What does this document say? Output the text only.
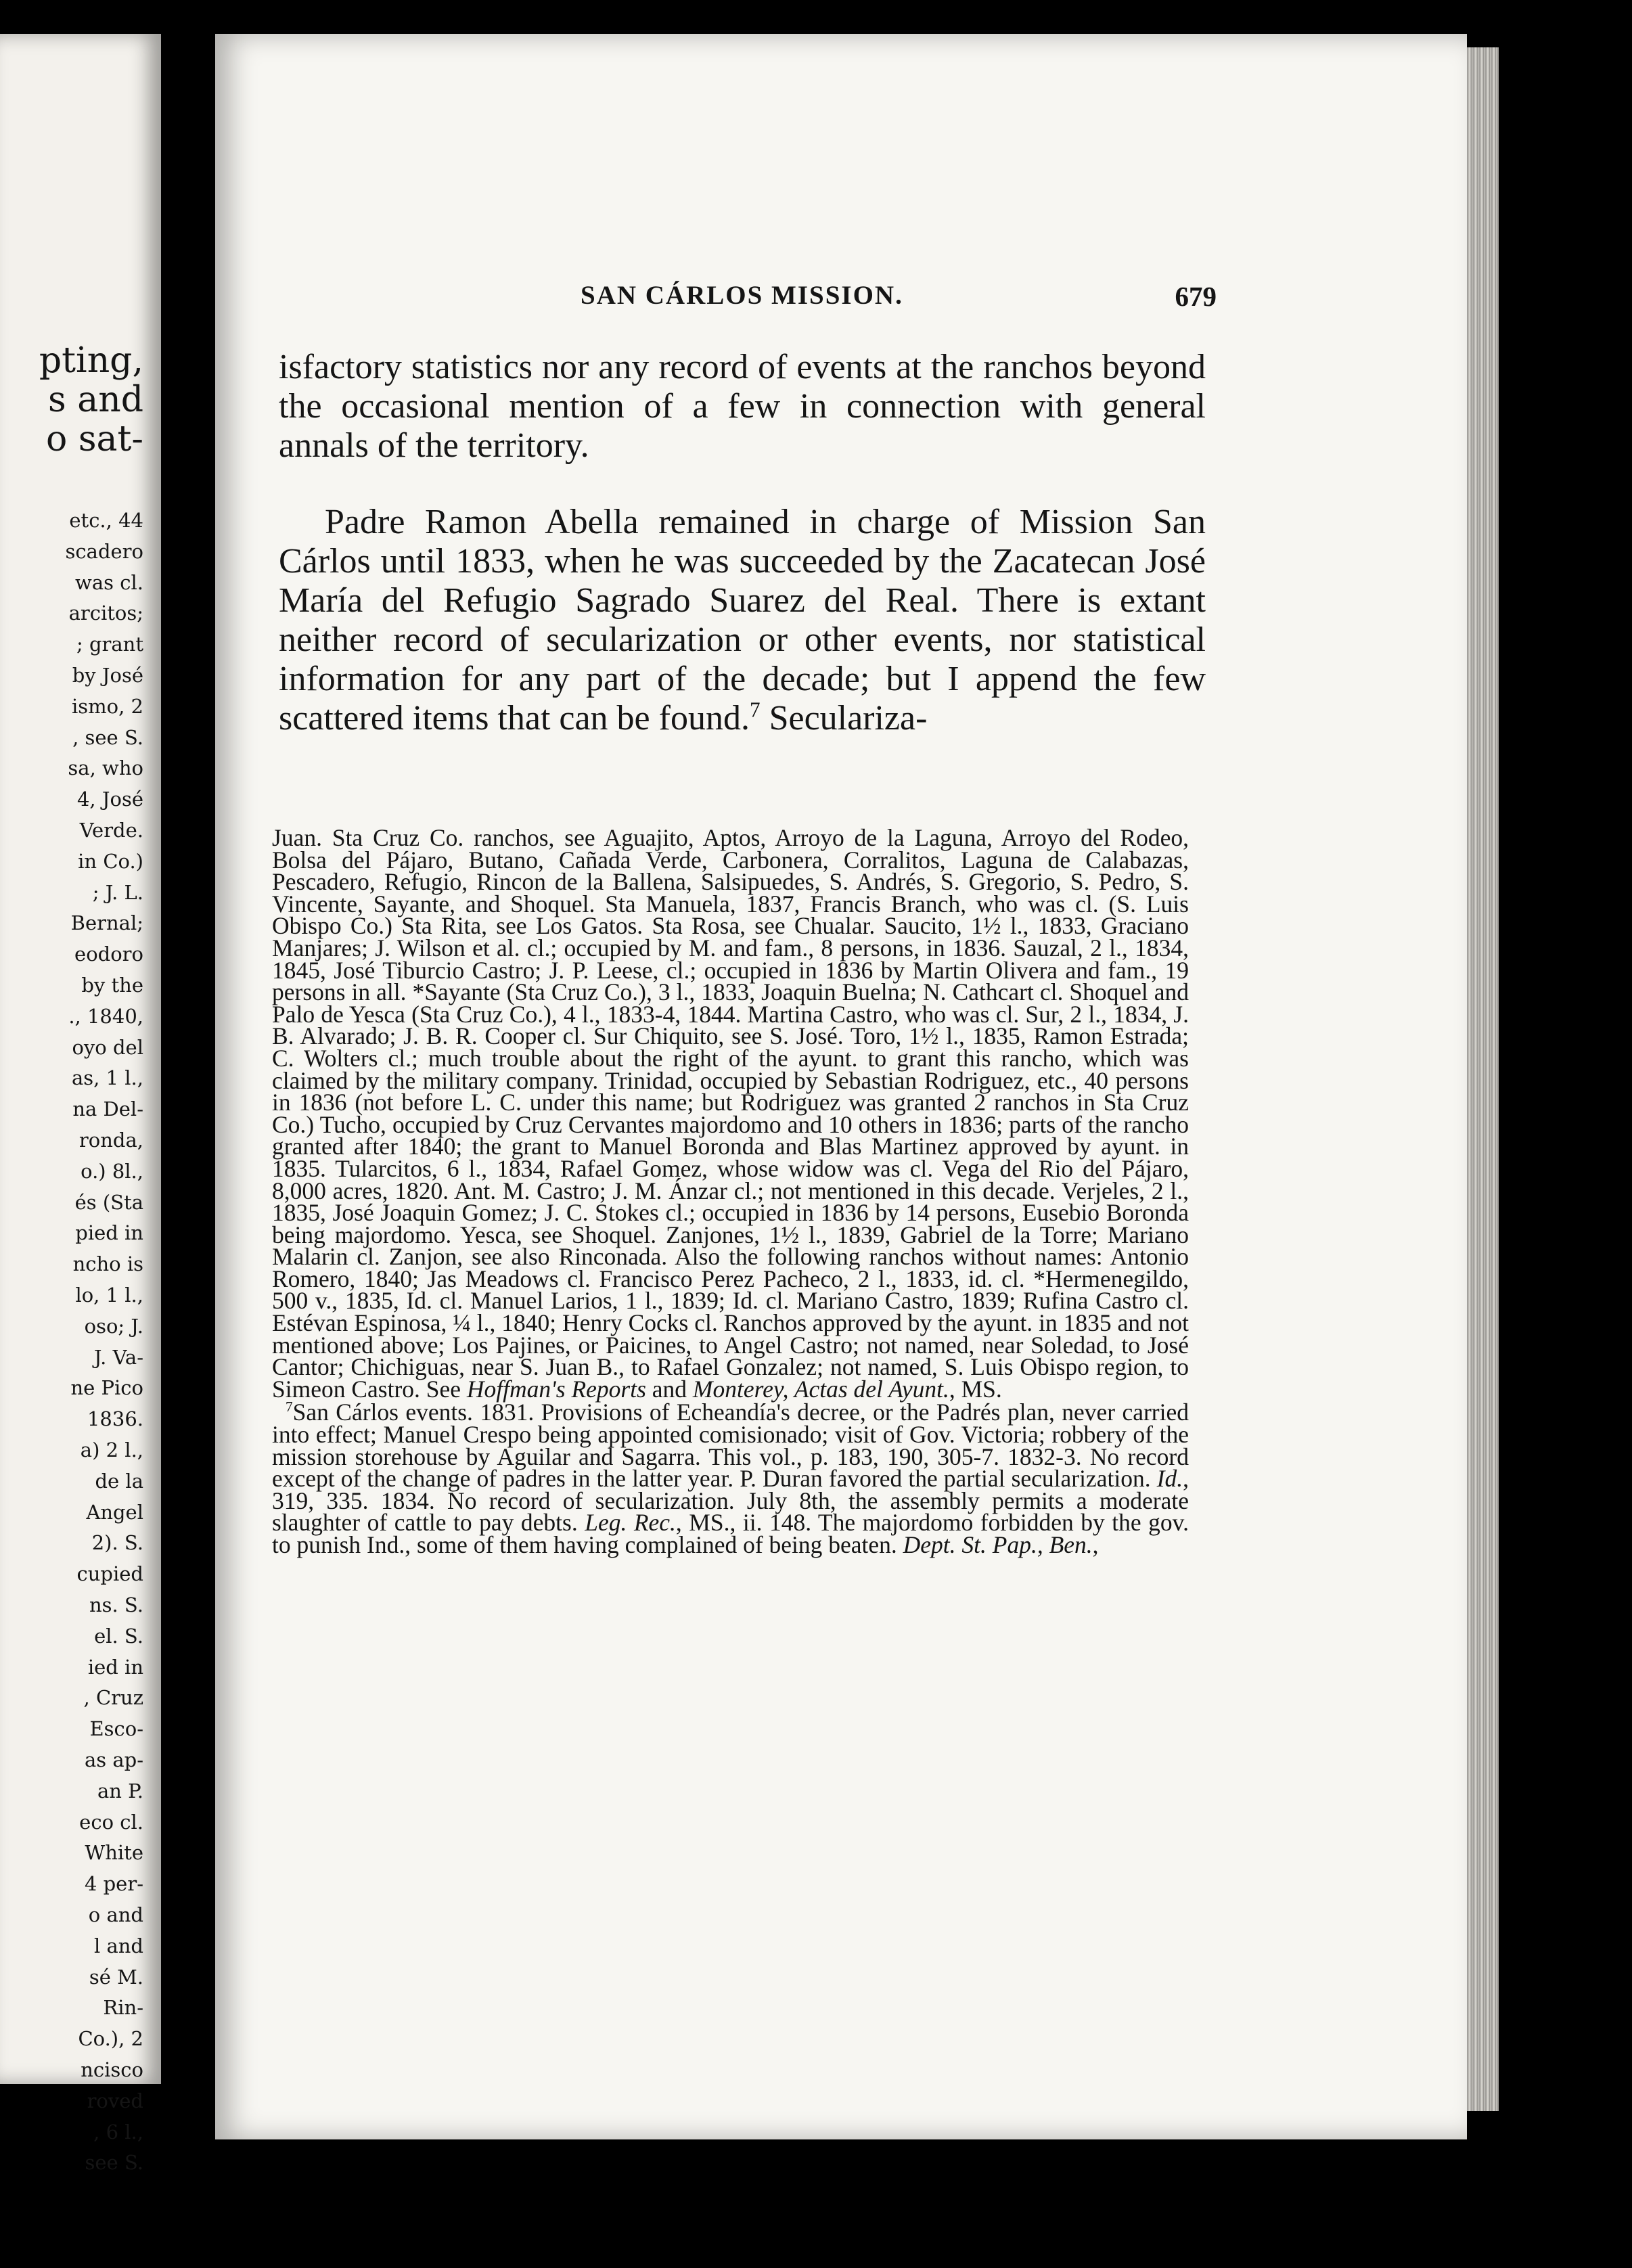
pting,
s and
o sat-
etc., 44
scadero
was cl.
arcitos;
; grant
by José
ismo, 2
, see S.
sa, who
4, José
Verde.
in Co.)
; J. L.
Bernal;
eodoro
by the
., 1840,
oyo del
as, 1 l.,
na Del-
ronda,
o.) 8l.,
és (Sta
pied in
ncho is
lo, 1 l.,
oso; J.
J. Va-
ne Pico
1836.
a) 2 l.,
de la
Angel
2). S.
cupied
ns. S.
el. S.
ied in
, Cruz
Esco-
as ap-
an P.
eco cl.
White
4 per-
o and
l and
sé M.
Rin-
Co.), 2
ncisco
roved
, 6 l.,
see S.
SAN CÁRLOS MISSION.	679

isfactory statistics nor any record of events at the ranchos beyond the occasional mention of a few in connection with general annals of the territory.

Padre Ramon Abella remained in charge of Mission San Cárlos until 1833, when he was succeeded by the Zacatecan José María del Refugio Sagrado Suarez del Real. There is extant neither record of secularization or other events, nor statistical information for any part of the decade; but I append the few scattered items that can be found.$^7$ Seculariza-

Juan. Sta Cruz Co. ranchos, see Aguajito, Aptos, Arroyo de la Laguna, Arroyo del Rodeo, Bolsa del Pájaro, Butano, Cañada Verde, Carbonera, Corralitos, Laguna de Calabazas, Pescadero, Refugio, Rincon de la Ballena, Salsipuedes, S. Andrés, S. Gregorio, S. Pedro, S. Vincente, Sayante, and Shoquel. Sta Manuela, 1837, Francis Branch, who was cl. (S. Luis Obispo Co.) Sta Rita, see Los Gatos. Sta Rosa, see Chualar. Saucito, 1½ l., 1833, Graciano Manjares; J. Wilson et al. cl.; occupied by M. and fam., 8 persons, in 1836. Sauzal, 2 l., 1834, 1845, José Tiburcio Castro; J. P. Leese, cl.; occupied in 1836 by Martin Olivera and fam., 19 persons in all. *Sayante (Sta Cruz Co.), 3 l., 1833, Joaquin Buelna; N. Cathcart cl. Shoquel and Palo de Yesca (Sta Cruz Co.), 4 l., 1833-4, 1844. Martina Castro, who was cl. Sur, 2 l., 1834, J. B. Alvarado; J. B. R. Cooper cl. Sur Chiquito, see S. José. Toro, 1½ l., 1835, Ramon Estrada; C. Wolters cl.; much trouble about the right of the ayunt. to grant this rancho, which was claimed by the military company. Trinidad, occupied by Sebastian Rodriguez, etc., 40 persons in 1836 (not before L. C. under this name; but Rodriguez was granted 2 ranchos in Sta Cruz Co.) Tucho, occupied by Cruz Cervantes majordomo and 10 others in 1836; parts of the rancho granted after 1840; the grant to Manuel Boronda and Blas Martinez approved by ayunt. in 1835. Tularcitos, 6 l., 1834, Rafael Gomez, whose widow was cl. Vega del Rio del Pájaro, 8,000 acres, 1820. Ant. M. Castro; J. M. Ánzar cl.; not mentioned in this decade. Verjeles, 2 l., 1835, José Joaquin Gomez; J. C. Stokes cl.; occupied in 1836 by 14 persons, Eusebio Boronda being majordomo. Yesca, see Shoquel. Zanjones, 1½ l., 1839, Gabriel de la Torre; Mariano Malarin cl. Zanjon, see also Rinconada. Also the following ranchos without names: Antonio Romero, 1840; Jas Meadows cl. Francisco Perez Pacheco, 2 l., 1833, id. cl. *Hermenegildo, 500 v., 1835, Id. cl. Manuel Larios, 1 l., 1839; Id. cl. Mariano Castro, 1839; Rufina Castro cl. Estévan Espinosa, ¼ l., 1840; Henry Cocks cl. Ranchos approved by the ayunt. in 1835 and not mentioned above; Los Pajines, or Paicines, to Angel Castro; not named, near Soledad, to José Cantor; Chichiguas, near S. Juan B., to Rafael Gonzalez; not named, S. Luis Obispo region, to Simeon Castro. See Hoffman's Reports and Monterey, Actas del Ayunt., MS.
$^7$San Cárlos events. 1831. Provisions of Echeandía's decree, or the Padrés plan, never carried into effect; Manuel Crespo being appointed comisionado; visit of Gov. Victoria; robbery of the mission storehouse by Aguilar and Sagarra. This vol., p. 183, 190, 305-7. 1832-3. No record except of the change of padres in the latter year. P. Duran favored the partial secularization. Id., 319, 335. 1834. No record of secularization. July 8th, the assembly permits a moderate slaughter of cattle to pay debts. Leg. Rec., MS., ii. 148. The majordomo forbidden by the gov. to punish Ind., some of them having complained of being beaten. Dept. St. Pap., Ben.,
